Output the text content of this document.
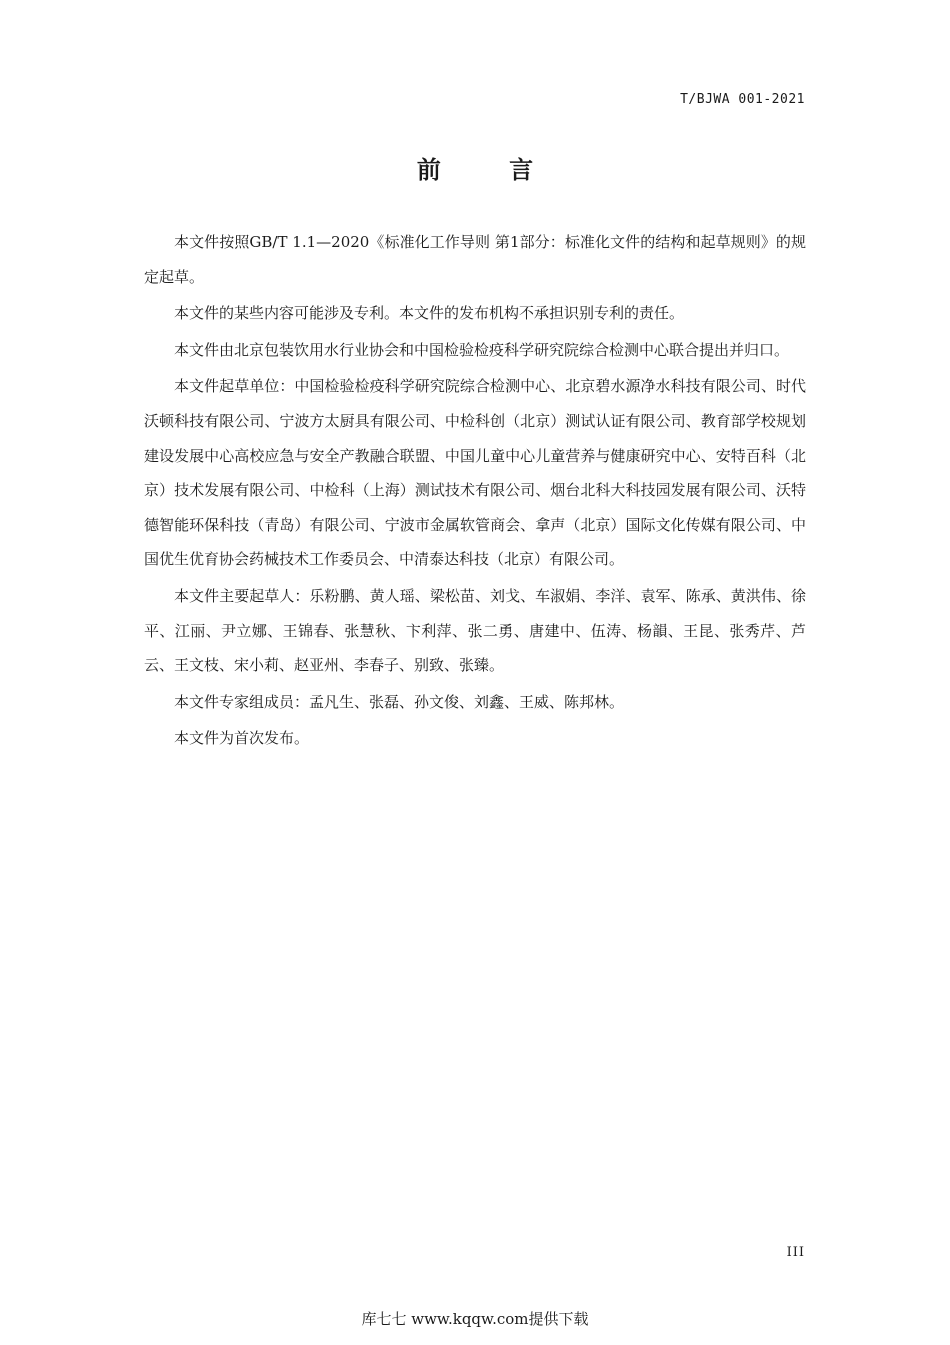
T/BJWA 001-2021
前 言

本文件按照GB/T 1.1—2020《标准化工作导则 第1部分：标准化文件的结构和起草规则》的规定起草。

本文件的某些内容可能涉及专利。本文件的发布机构不承担识别专利的责任。

本文件由北京包装饮用水行业协会和中国检验检疫科学研究院综合检测中心联合提出并归口。

本文件起草单位：中国检验检疫科学研究院综合检测中心、北京碧水源净水科技有限公司、时代沃顿科技有限公司、宁波方太厨具有限公司、中检科创（北京）测试认证有限公司、教育部学校规划建设发展中心高校应急与安全产教融合联盟、中国儿童中心儿童营养与健康研究中心、安特百科（北京）技术发展有限公司、中检科（上海）测试技术有限公司、烟台北科大科技园发展有限公司、沃特德智能环保科技（青岛）有限公司、宁波市金属软管商会、拿声（北京）国际文化传媒有限公司、中国优生优育协会药械技术工作委员会、中清泰达科技（北京）有限公司。

本文件主要起草人：乐粉鹏、黄人瑶、梁松苗、刘戈、车淑娟、李洋、袁军、陈承、黄洪伟、徐平、江丽、尹立娜、王锦春、张慧秋、卞利萍、张二勇、唐建中、伍涛、杨韻、王昆、张秀芹、芦云、王文枝、宋小莉、赵亚州、李春子、别致、张臻。

本文件专家组成员：孟凡生、张磊、孙文俊、刘鑫、王威、陈邦林。

本文件为首次发布。

III
库七七 www.kqqw.com提供下载
